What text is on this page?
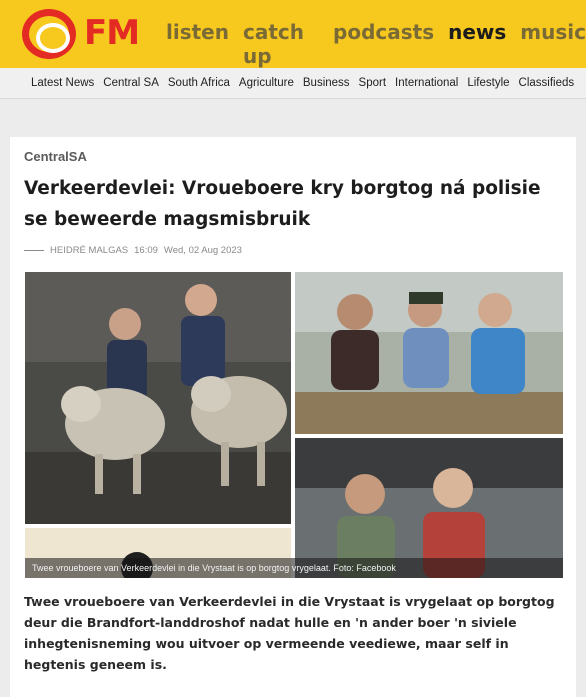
FM listen catch up
podcasts news music
Latest News Central SA South Africa Agriculture Business Sport International Lifestyle Classifieds
CentralSA
Verkeerdevlei: Vroueboere kry borgtog ná polisie se beweerde magsmisbruik
HEIDRÉ MALGAS 16:09 Wed, 02 Aug 2023
Twee vroueboere van Verkeerdevlei in die Vrystaat is op borgtog vrygelaat. Foto: Facebook

Twee vroueboere van Verkeerdevlei in die Vrystaat is vrygelaat op borgtog deur die Brandfort-landdroshof nadat hulle en 'n ander boer 'n siviele inhegtenisneming wou uitvoer op vermeende veediewe, maar self in hegtenis geneem is.
